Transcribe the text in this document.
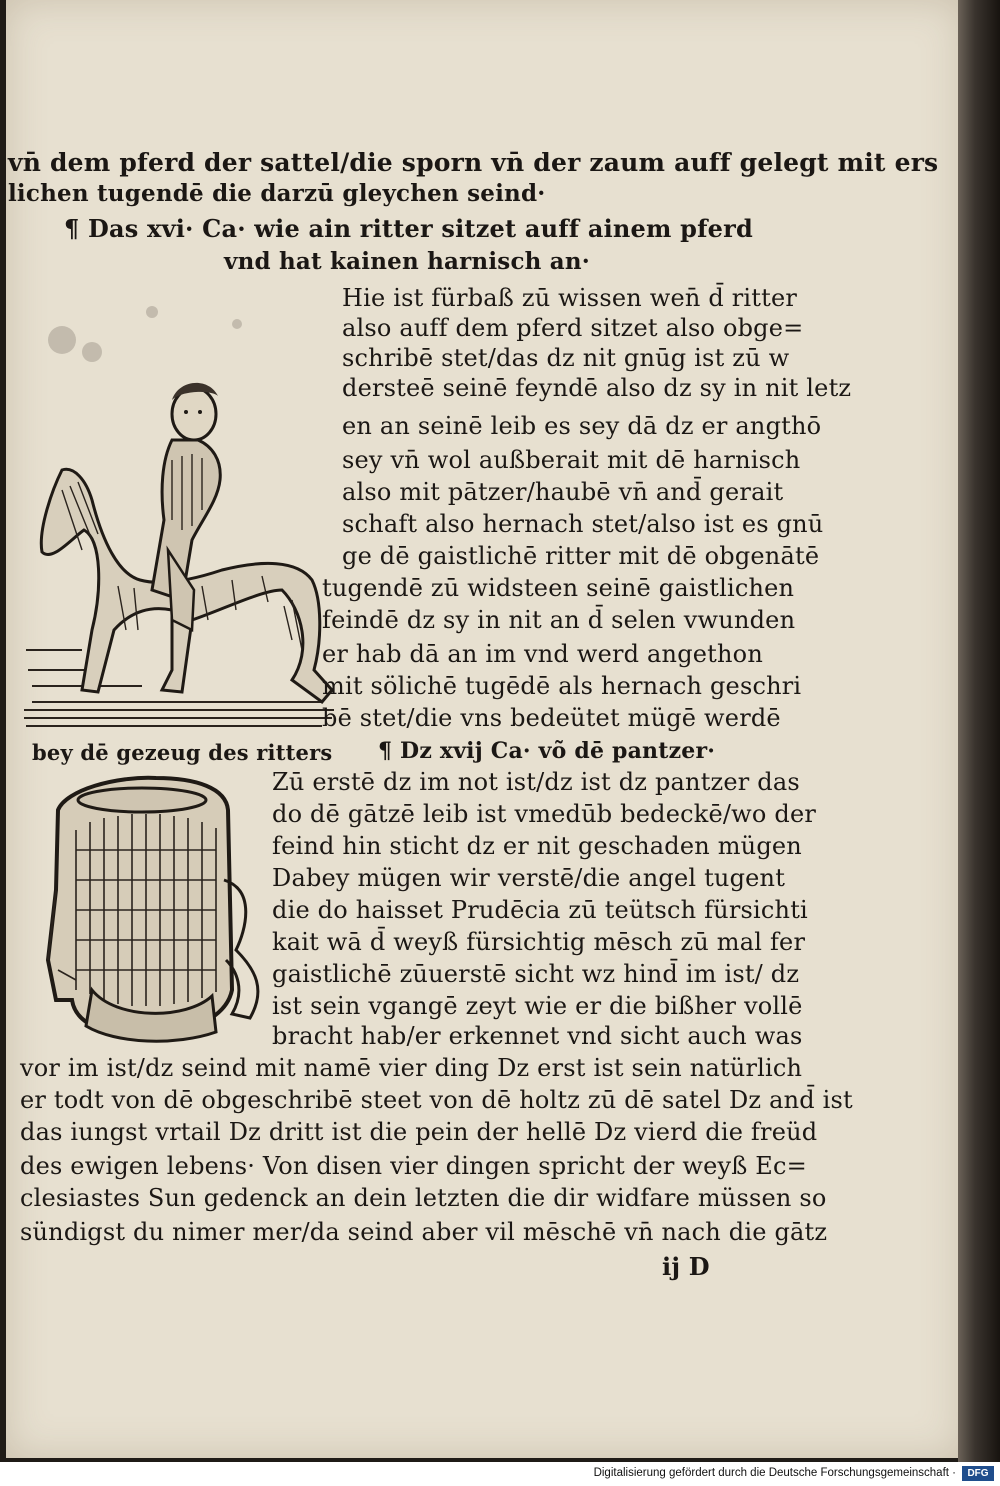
vn̄ dem pferd der sattel/die sporn vn̄ der zaum auff gelegt mit ers
lichen tugendē die darzū gleychen seind·
¶ Das xvi· Ca· wie ain ritter sitzet auff ainem pferd
vnd hat kainen harnisch an·
Hie ist fürbaß zū wissen wen̄ d̄ ritter
also auff dem pferd sitzet also obge=
schribē stet/das dz nit gnūg ist zū w
dersteē seinē feyndē also dz sy in nit letz
en an seinē leib es sey dā dz er angthō
sey vn̄ wol außberait mit dē harnisch
also mit pātzer/haubē vn̄ and̄ gerait
schaft also hernach stet/also ist es gnū
ge dē gaistlichē ritter mit dē obgenātē
tugendē zū widsteen seinē gaistlichen
feindē dz sy in nit an d̄ selen vwunden
er hab dā an im vnd werd angethon
mit sölichē tugēdē als hernach geschri
bē stet/die vns bedeütet mügē werdē
bey dē gezeug des ritters ¶ Dz xvij Ca· võ dē pantzer·
Zū erstē dz im not ist/dz ist dz pantzer das
do dē gātzē leib ist vmedūb bedeckē/wo der
feind hin sticht dz er nit geschaden mügen
Dabey mügen wir verstē/die angel tugent
die do haisset Prudēcia zū teütsch fürsichti
kait wā d̄ weyß fürsichtig mēsch zū mal fer
gaistlichē zūuerstē sicht wz hind̄ im ist/ dz
ist sein vgangē zeyt wie er die bißher vollē
bracht hab/er erkennet vnd sicht auch was
vor im ist/dz seind mit namē vier ding Dz erst ist sein natürlich
er todt von dē obgeschribē steet von dē holtz zū dē satel Dz and̄ ist
das iungst vrtail Dz dritt ist die pein der hellē Dz vierd die freüd
des ewigen lebens· Von disen vier dingen spricht der weyß Ec=
clesiastes Sun gedenck an dein letzten die dir widfare müssen so
sündigst du nimer mer/da seind aber vil mēschē vn̄ nach die gātz
ij D
Digitalisierung gefördert durch die Deutsche Forschungsgemeinschaft ·	DFG
